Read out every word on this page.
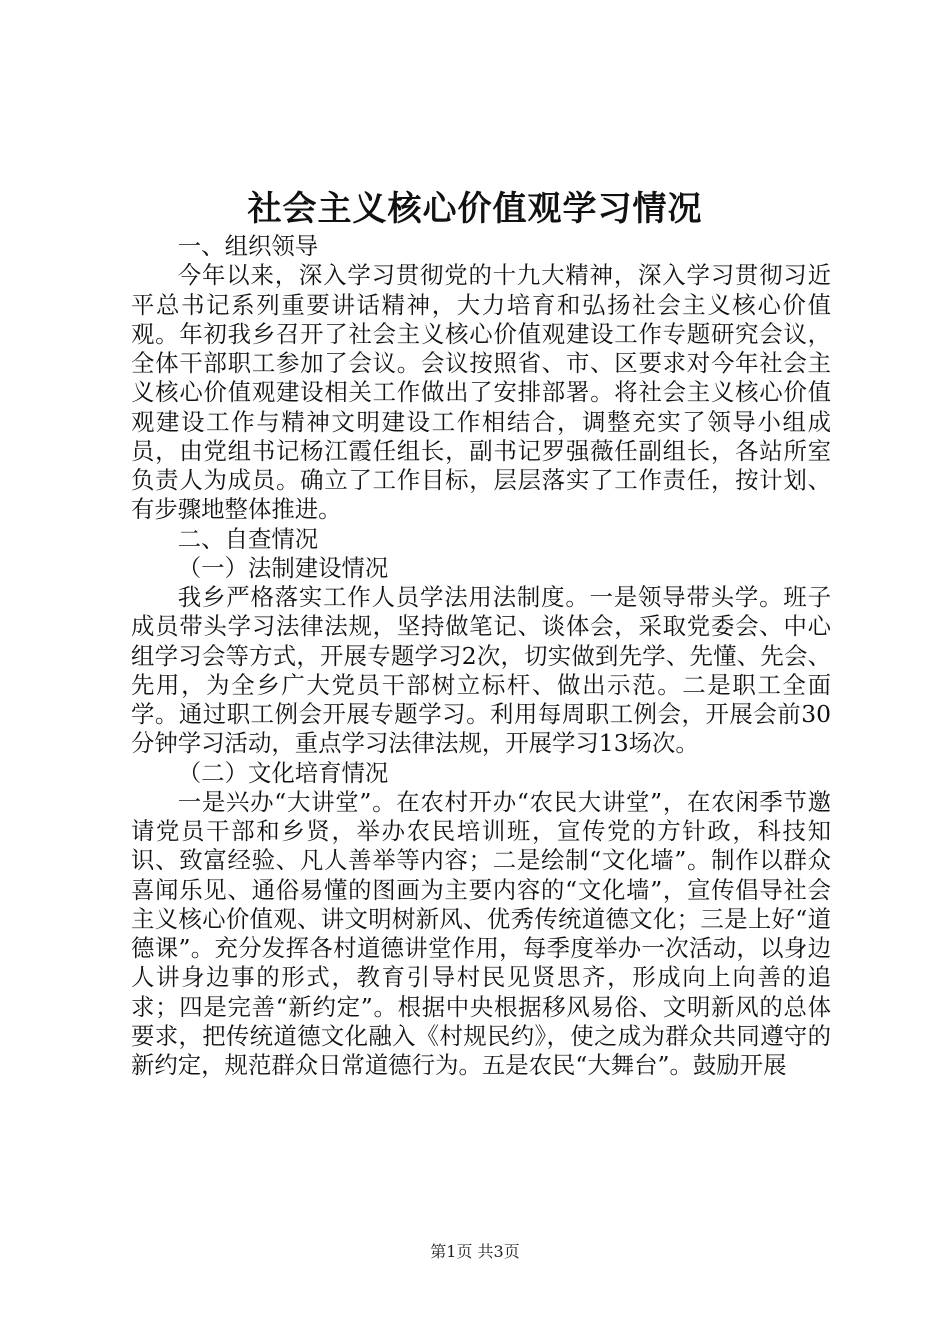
社会主义核心价值观学习情况

一、组织领导

今年以来，深入学习贯彻党的十九大精神，深入学习贯彻习近平总书记系列重要讲话精神，大力培育和弘扬社会主义核心价值观。年初我乡召开了社会主义核心价值观建设工作专题研究会议，全体干部职工参加了会议。会议按照省、市、区要求对今年社会主义核心价值观建设相关工作做出了安排部署。将社会主义核心价值观建设工作与精神文明建设工作相结合，调整充实了领导小组成员，由党组书记杨江霞任组长，副书记罗强薇任副组长，各站所室负责人为成员。确立了工作目标，层层落实了工作责任，按计划、有步骤地整体推进。

二、自查情况

（一）法制建设情况

我乡严格落实工作人员学法用法制度。一是领导带头学。班子成员带头学习法律法规，坚持做笔记、谈体会，采取党委会、中心组学习会等方式，开展专题学习2次，切实做到先学、先懂、先会、先用，为全乡广大党员干部树立标杆、做出示范。二是职工全面学。通过职工例会开展专题学习。利用每周职工例会，开展会前30分钟学习活动，重点学习法律法规，开展学习13场次。

（二）文化培育情况

一是兴办“大讲堂”。在农村开办“农民大讲堂”，在农闲季节邀请党员干部和乡贤，举办农民培训班，宣传党的方针政，科技知识、致富经验、凡人善举等内容；二是绘制“文化墙”。制作以群众喜闻乐见、通俗易懂的图画为主要内容的“文化墙”，宣传倡导社会主义核心价值观、讲文明树新风、优秀传统道德文化；三是上好“道德课”。充分发挥各村道德讲堂作用，每季度举办一次活动，以身边人讲身边事的形式，教育引导村民见贤思齐，形成向上向善的追求；四是完善“新约定”。根据中央根据移风易俗、文明新风的总体要求，把传统道德文化融入《村规民约》，使之成为群众共同遵守的新约定，规范群众日常道德行为。五是农民“大舞台”。鼓励开展

第1页 共3页
